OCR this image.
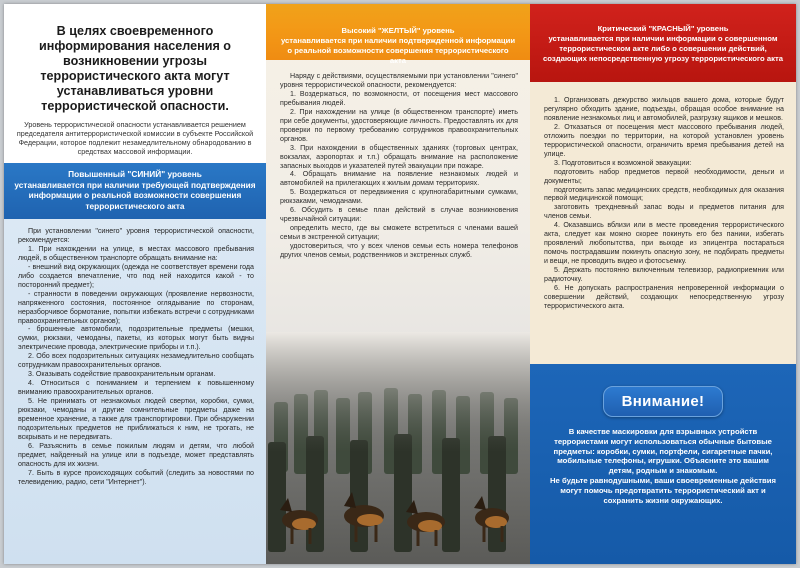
В целях своевременного информирования населения о возникновении угрозы террористического акта могут устанавливаться уровни террористической опасности.
Уровень террористической опасности устанавливается решением председателя антитеррористической комиссии в субъекте Российской Федерации, которое подлежит незамедлительному обнародованию в средствах массовой информации.
Повышенный "СИНИЙ" уровень
устанавливается при наличии требующей подтверждения информации о реальной возможности совершения террористического акта

При установлении "синего" уровня террористической опасности, рекомендуется:

1. При нахождении на улице, в местах массового пребывания людей, в общественном транспорте обращать внимание на:

- внешний вид окружающих (одежда не соответствует времени года либо создается впечатление, что под ней находится какой - то посторонний предмет);

- странности в поведении окружающих (проявление нервозности, напряженного состояния, постоянное оглядывание по сторонам, неразборчивое бормотание, попытки избежать встречи с сотрудниками правоохранительных органов);

- брошенные автомобили, подозрительные предметы (мешки, сумки, рюкзаки, чемоданы, пакеты, из которых могут быть видны электрические провода, электрические приборы и т.п.).

2. Обо всех подозрительных ситуациях незамедлительно сообщать сотрудникам правоохранительных органов.

3. Оказывать содействие правоохранительным органам.

4. Относиться с пониманием и терпением к повышенному вниманию правоохранительных органов.

5. Не принимать от незнакомых людей свертки, коробки, сумки, рюкзаки, чемоданы и другие сомнительные предметы даже на временное хранение, а также для транспортировки. При обнаружении подозрительных предметов не приближаться к ним, не трогать, не вскрывать и не передвигать.

6. Разъяснить в семье пожилым людям и детям, что любой предмет, найденный на улице или в подъезде, может представлять опасность для их жизни.

7. Быть в курсе происходящих событий (следить за новостями по телевидению, радио, сети "Интернет").

Высокий "ЖЕЛТЫЙ" уровень
устанавливается при наличии подтвержденной информации о реальной возможности совершения террористического акта

Наряду с действиями, осуществляемыми при установлении "синего" уровня террористической опасности, рекомендуется:

1. Воздержаться, по возможности, от посещения мест массового пребывания людей.

2. При нахождении на улице (в общественном транспорте) иметь при себе документы, удостоверяющие личность. Предоставлять их для проверки по первому требованию сотрудников правоохранительных органов.

3. При нахождении в общественных зданиях (торговых центрах, вокзалах, аэропортах и т.п.) обращать внимание на расположение запасных выходов и указателей путей эвакуации при пожаре.

4. Обращать внимание на появление незнакомых людей и автомобилей на прилегающих к жилым домам территориях.

5. Воздержаться от передвижения с крупногабаритными сумками, рюкзаками, чемоданами.

6. Обсудить в семье план действий в случае возникновения чрезвычайной ситуации:

определить место, где вы сможете встретиться с членами вашей семьи в экстренной ситуации;

удостовериться, что у всех членов семьи есть номера телефонов других членов семьи, родственников и экстренных служб.

Критический "КРАСНЫЙ" уровень
устанавливается при наличии информации о совершенном террористическом акте либо о совершении действий, создающих непосредственную угрозу террористического акта

1. Организовать дежурство жильцов вашего дома, которые будут регулярно обходить здание, подъезды, обращая особое внимание на появление незнакомых лиц и автомобилей, разгрузку ящиков и мешков.

2. Отказаться от посещения мест массового пребывания людей, отложить поездки по территории, на которой установлен уровень террористической опасности, ограничить время пребывания детей на улице.

3. Подготовиться к возможной эвакуации:

подготовить набор предметов первой необходимости, деньги и документы;

подготовить запас медицинских средств, необходимых для оказания первой медицинской помощи;

заготовить трехдневный запас воды и предметов питания для членов семьи.

4. Оказавшись вблизи или в месте проведения террористического акта, следует как можно скорее покинуть его без паники, избегать проявлений любопытства, при выходе из эпицентра постараться помочь пострадавшим покинуть опасную зону, не подбирать предметы и вещи, не проводить видео и фотосъемку.

5. Держать постоянно включенным телевизор, радиоприемник или радиоточку.

6. Не допускать распространения непроверенной информации о совершении действий, создающих непосредственную угрозу террористического акта.

Внимание!

В качестве маскировки для взрывных устройств террористами могут использоваться обычные бытовые предметы: коробки, сумки, портфели, сигаретные пачки, мобильные телефоны, игрушки. Объясните это вашим детям, родным и знакомым.

Не будьте равнодушными, ваши своевременные действия могут помочь предотвратить террористический акт и сохранить жизни окружающих.
